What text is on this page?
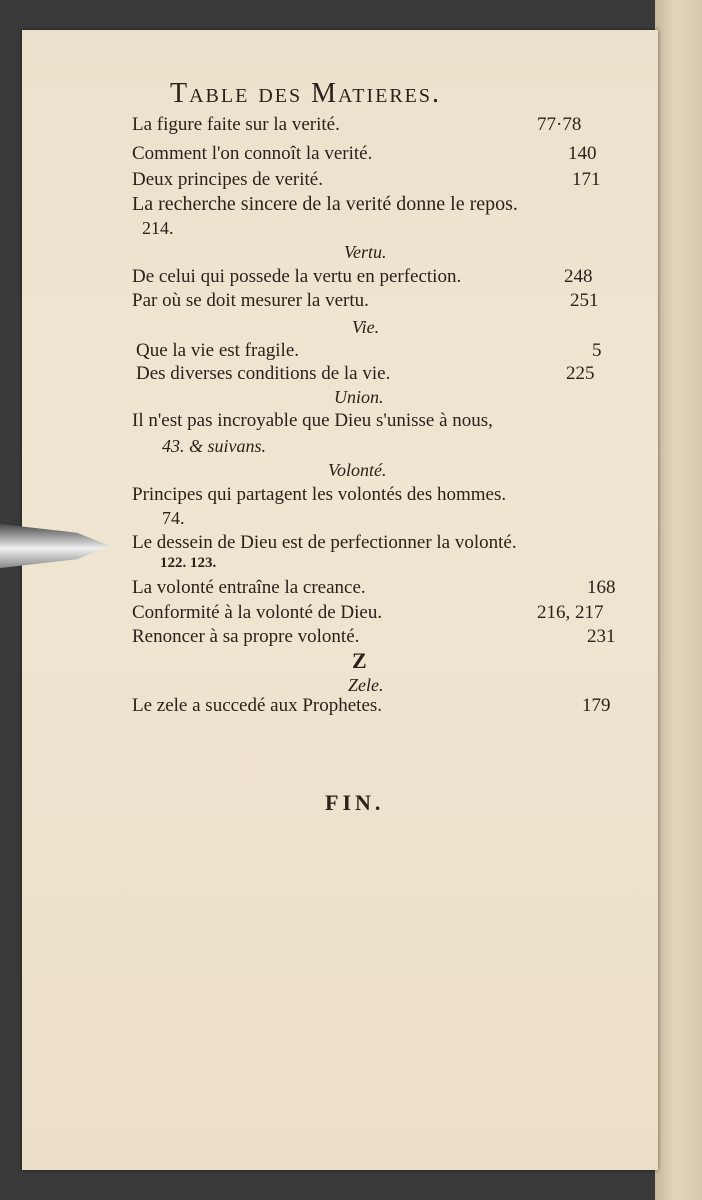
Table des Matieres.
La figure faite sur la verité.	77·78
Comment l'on connoît la verité.	140
Deux principes de verité.	171
La recherche sincere de la verité donne le repos.
214.
Vertu.
De celui qui possede la vertu en perfection.	248
Par où se doit mesurer la vertu.	251
Vie.
Que la vie est fragile.	5
Des diverses conditions de la vie.	225
Union.
Il n'est pas incroyable que Dieu s'unisse à nous,
43. & suivans.
Volonté.
Principes qui partagent les volontés des hommes.
74.
Le dessein de Dieu est de perfectionner la volonté.
122. 123.
La volonté entraîne la creance.	168
Conformité à la volonté de Dieu.	216, 217
Renoncer à sa propre volonté.	231
Z
Zele.
Le zele a succedé aux Prophetes.	179
FIN.
